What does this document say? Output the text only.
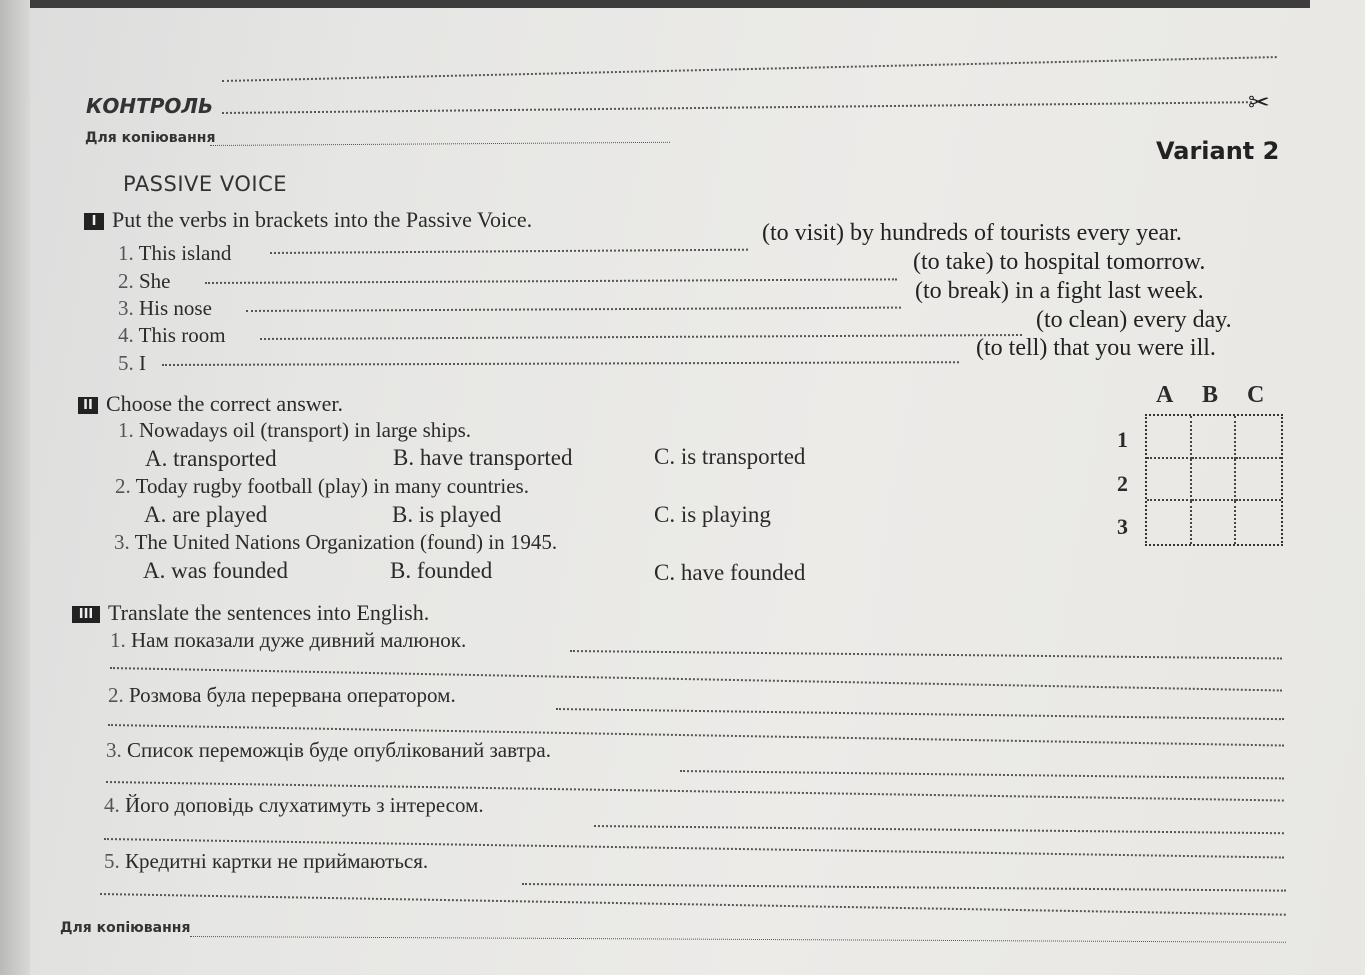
КОНТРОЛЬ	✂
Для копіювання	Variant 2
PASSIVE VOICE
I Put the verbs in brackets into the Passive Voice.
1. This island
(to visit) by hundreds of tourists every year.
2. She
(to take) to hospital tomorrow.
3. His nose
(to break) in a fight last week.
4. This room
(to clean) every day.
5. I
(to tell) that you were ill.
II Choose the correct answer.
1. Nowadays oil (transport) in large ships.
A. transported	B. have transported	C. is transported
2. Today rugby football (play) in many countries.
A. are played	B. is played	C. is playing
3. The United Nations Organization (found) in 1945.
A. was founded	B. founded	C. have founded
A B C
1
2
3
III Translate the sentences into English.
1. Нам показали дуже дивний малюнок.
2. Розмова була перервана оператором.
3. Список переможців буде опублікований завтра.
4. Його доповідь слухатимуть з інтересом.
5. Кредитні картки не приймаються.
Для копіювання
